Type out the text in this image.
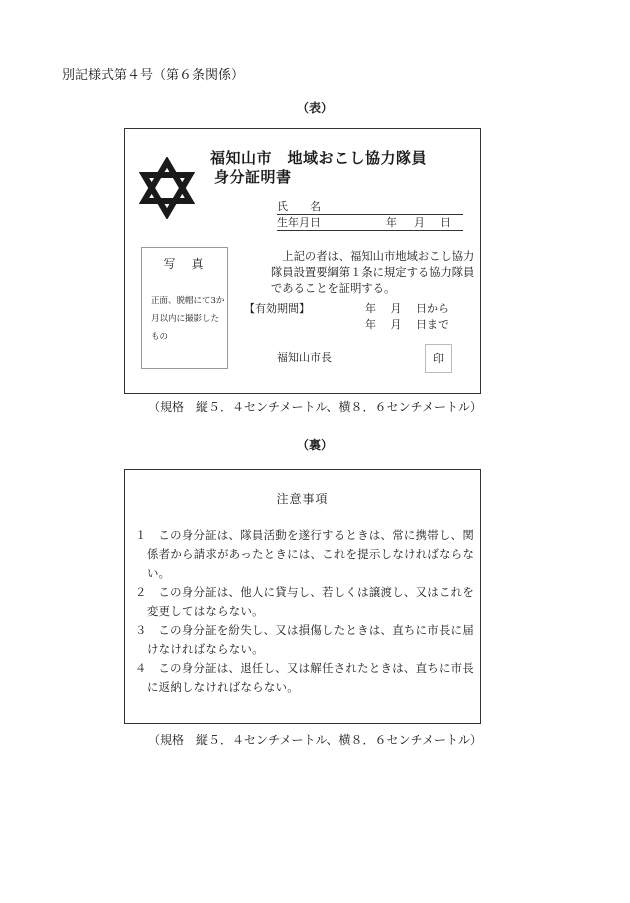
別記様式第４号（第６条関係）
（表）
福知山市　地域おこし協力隊員
身分証明書
氏　　名
生年月日	年 月 日
写　真
正面、脱帽にて3か月以内に撮影したもの
上記の者は、福知山市地域おこし協力隊員設置要綱第１条に規定する協力隊員であることを証明する。
【有効期間】	年　 月　 日から
年　 月　 日まで
福知山市長	印
（規格　縦５．４センチメートル、横８．６センチメートル）
（裏）
注意事項
１　この身分証は、隊員活動を遂行するときは、常に携帯し、関係者から請求があったときには、これを提示しなければならない。
２　この身分証は、他人に貸与し、若しくは譲渡し、又はこれを変更してはならない。
３　この身分証を紛失し、又は損傷したときは、直ちに市長に届けなければならない。
４　この身分証は、退任し、又は解任されたときは、直ちに市長に返納しなければならない。
（規格　縦５．４センチメートル、横８．６センチメートル）
